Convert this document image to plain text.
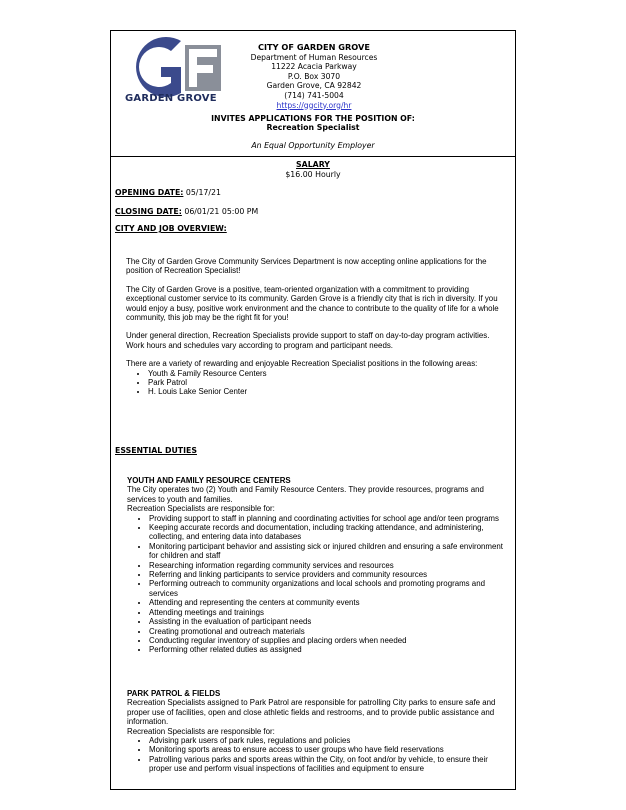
GARDEN GROVE
CITY OF GARDEN GROVE
Department of Human Resources
11222 Acacia Parkway
P.O. Box 3070
Garden Grove, CA 92842
(714) 741-5004
https://ggcity.org/hr
INVITES APPLICATIONS FOR THE POSITION OF:
Recreation Specialist
An Equal Opportunity Employer
SALARY
$16.00 Hourly
OPENING DATE: 05/17/21
CLOSING DATE: 06/01/21 05:00 PM
CITY AND JOB OVERVIEW:

The City of Garden Grove Community Services Department is now accepting online applications for the position of Recreation Specialist!

The City of Garden Grove is a positive, team-oriented organization with a commitment to providing exceptional customer service to its community. Garden Grove is a friendly city that is rich in diversity. If you would enjoy a busy, positive work environment and the chance to contribute to the quality of life for a whole community, this job may be the right fit for you!

Under general direction, Recreation Specialists provide support to staff on day-to-day program activities. Work hours and schedules vary according to program and participant needs.

There are a variety of rewarding and enjoyable Recreation Specialist positions in the following areas:

• Youth & Family Resource Centers
• Park Patrol
• H. Louis Lake Senior Center
ESSENTIAL DUTIES

YOUTH AND FAMILY RESOURCE CENTERS

The City operates two (2) Youth and Family Resource Centers. They provide resources, programs and services to youth and families.

Recreation Specialists are responsible for:

• Providing support to staff in planning and coordinating activities for school age and/or teen programs
• Keeping accurate records and documentation, including tracking attendance, and administering, collecting, and entering data into databases
• Monitoring participant behavior and assisting sick or injured children and ensuring a safe environment for children and staff
• Researching information regarding community services and resources
• Referring and linking participants to service providers and community resources
• Performing outreach to community organizations and local schools and promoting programs and services
• Attending and representing the centers at community events
• Attending meetings and trainings
• Assisting in the evaluation of participant needs
• Creating promotional and outreach materials
• Conducting regular inventory of supplies and placing orders when needed
• Performing other related duties as assigned

PARK PATROL & FIELDS

Recreation Specialists assigned to Park Patrol are responsible for patrolling City parks to ensure safe and proper use of facilities, open and close athletic fields and restrooms, and to provide public assistance and information.

Recreation Specialists are responsible for:

• Advising park users of park rules, regulations and policies
• Monitoring sports areas to ensure access to user groups who have field reservations
• Patrolling various parks and sports areas within the City, on foot and/or by vehicle, to ensure their proper use and perform visual inspections of facilities and equipment to ensure
